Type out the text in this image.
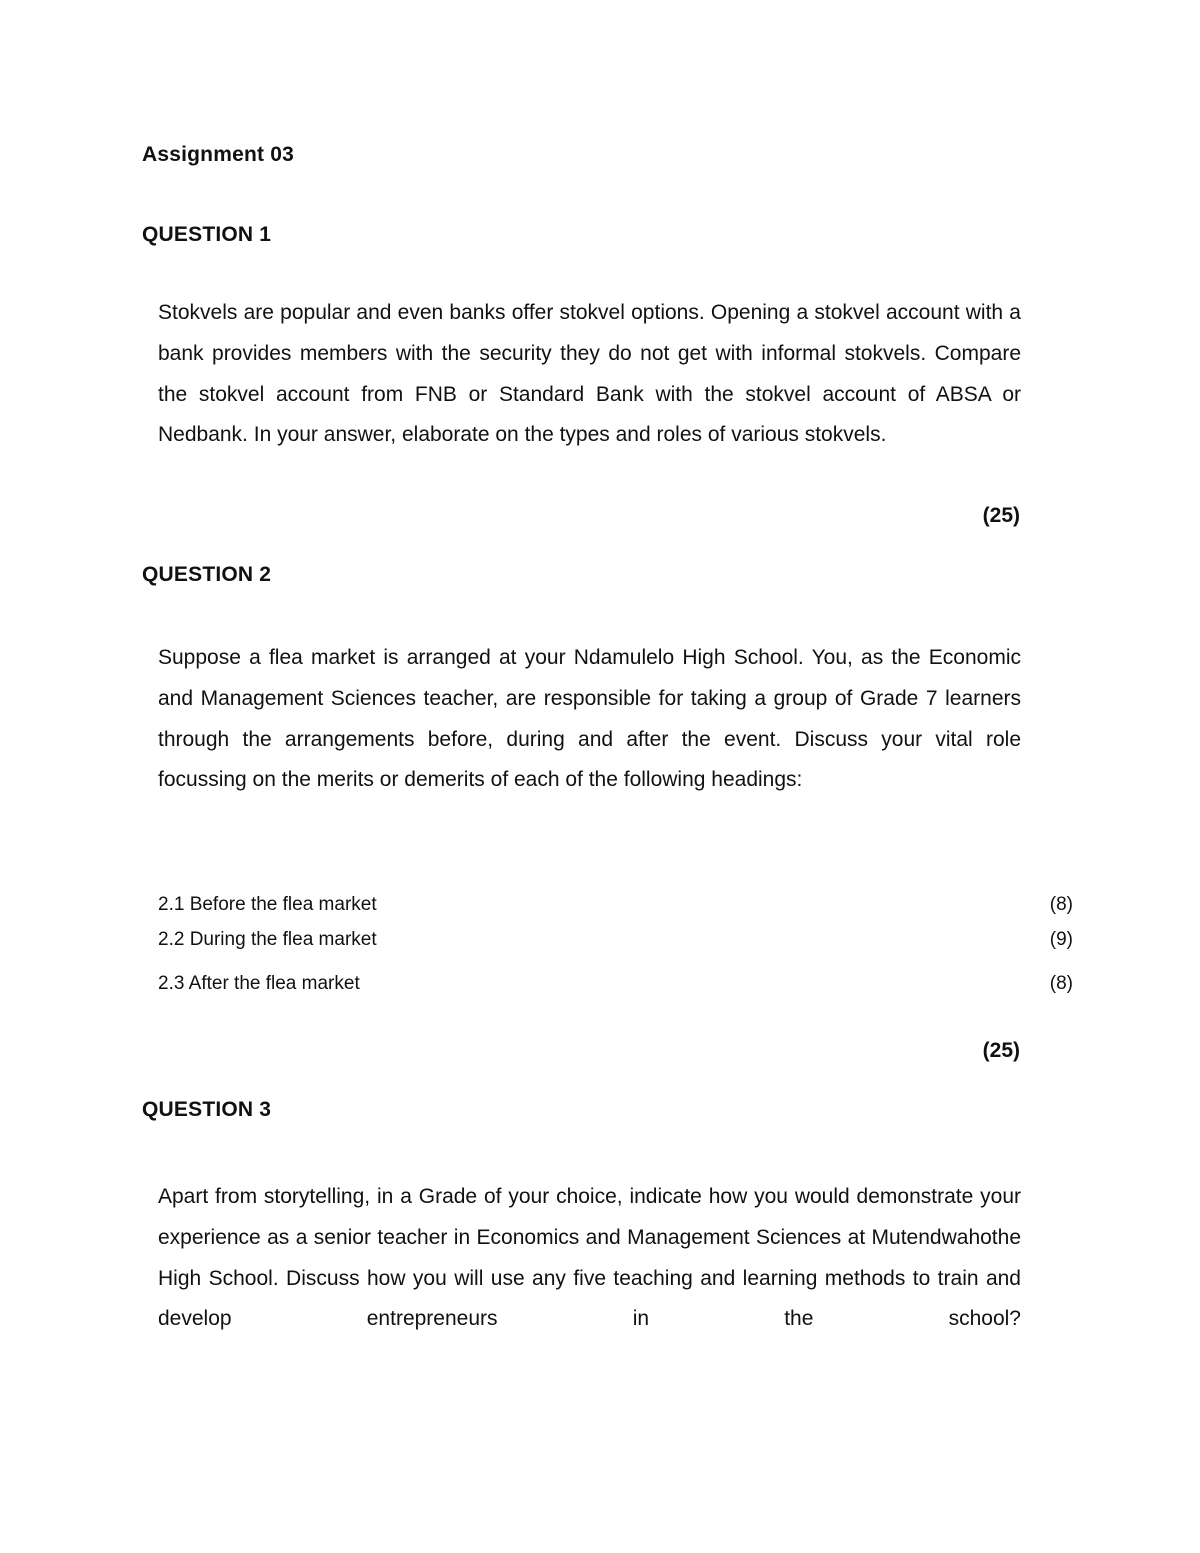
Assignment 03
QUESTION 1
Stokvels are popular and even banks offer stokvel options. Opening a stokvel account with a bank provides members with the security they do not get with informal stokvels. Compare the stokvel account from FNB or Standard Bank with the stokvel account of ABSA or Nedbank. In your answer, elaborate on the types and roles of various stokvels.
(25)
QUESTION 2
Suppose a flea market is arranged at your Ndamulelo High School. You, as the Economic and Management Sciences teacher, are responsible for taking a group of Grade 7 learners through the arrangements before, during and after the event. Discuss your vital role focussing on the merits or demerits of each of the following headings:
2.1 Before the flea market	(8)
2.2 During the flea market	(9)
2.3 After the flea market	(8)
(25)
QUESTION 3
Apart from storytelling, in a Grade of your choice, indicate how you would demonstrate your experience as a senior teacher in Economics and Management Sciences at Mutendwahothe High School. Discuss how you will use any five teaching and learning methods to train and develop entrepreneurs in the school?
